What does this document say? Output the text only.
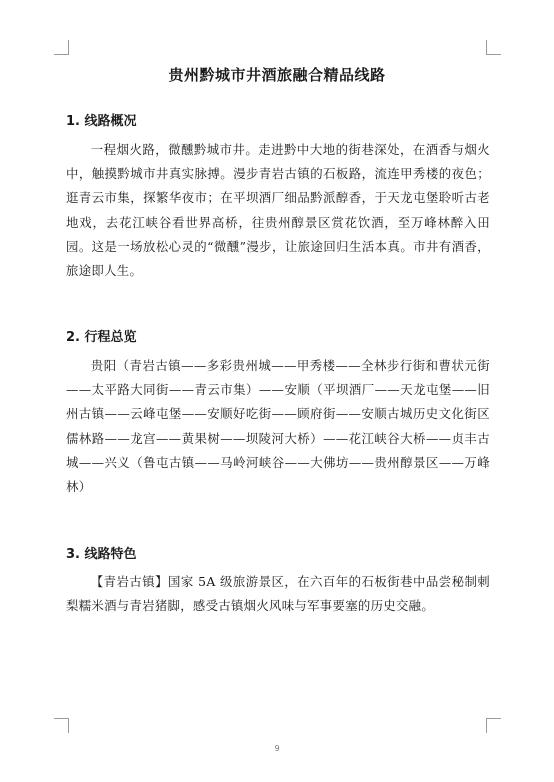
贵州黔城市井酒旅融合精品线路
1. 线路概况

一程烟火路，微醺黔城市井。走进黔中大地的街巷深处，在酒香与烟火中，触摸黔城市井真实脉搏。漫步青岩古镇的石板路，流连甲秀楼的夜色；逛青云市集，探繁华夜市；在平坝酒厂细品黔派醇香，于天龙屯堡聆听古老地戏，去花江峡谷看世界高桥，往贵州醇景区赏花饮酒，至万峰林醉入田园。这是一场放松心灵的“微醺”漫步，让旅途回归生活本真。市井有酒香，旅途即人生。

2. 行程总览

贵阳（青岩古镇——多彩贵州城——甲秀楼——全林步行街和曹状元街——太平路大同街——青云市集）——安顺（平坝酒厂——天龙屯堡——旧州古镇——云峰屯堡——安顺好吃街——顾府街——安顺古城历史文化街区儒林路——龙宫——黄果树——坝陵河大桥）——花江峡谷大桥——贞丰古城——兴义（鲁屯古镇——马岭河峡谷——大佛坊——贵州醇景区——万峰林）

3. 线路特色

【青岩古镇】国家 5A 级旅游景区，在六百年的石板街巷中品尝秘制刺梨糯米酒与青岩猪脚，感受古镇烟火风味与军事要塞的历史交融。

9
